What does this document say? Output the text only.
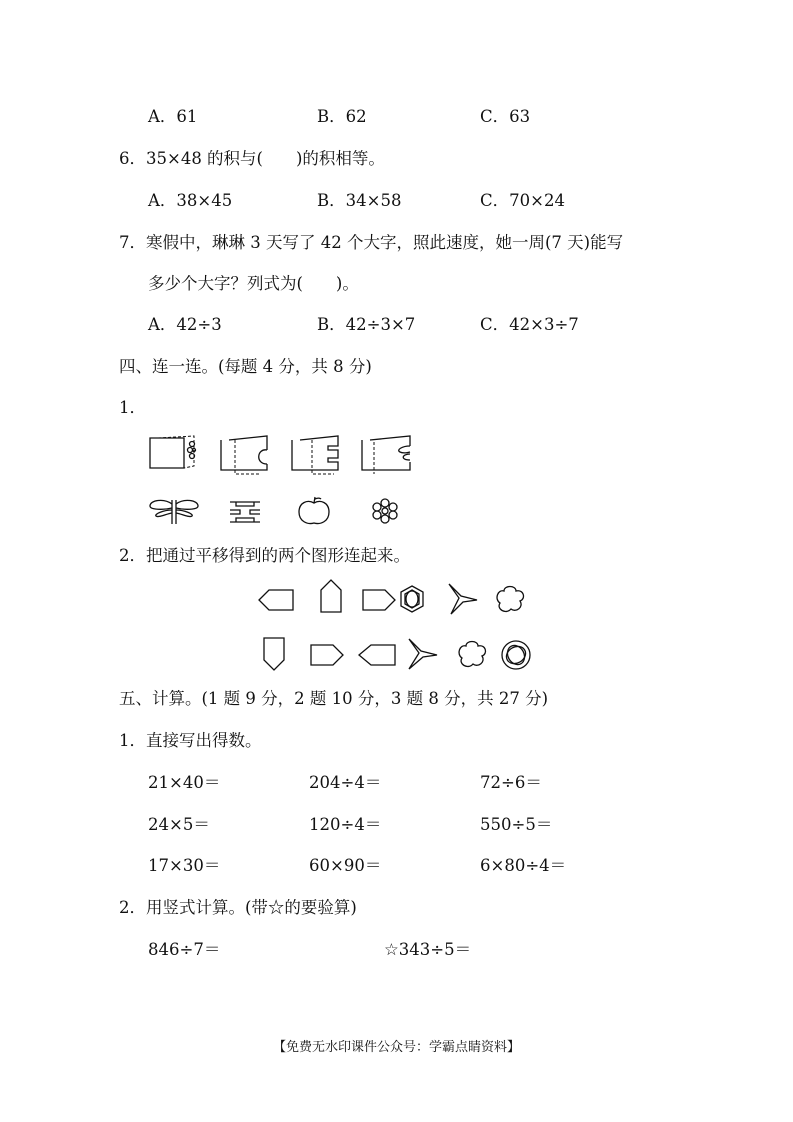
A．61	B．62	C．63
6．35×48 的积与(　　)的积相等。
A．38×45	B．34×58	C．70×24
7．寒假中，琳琳 3 天写了 42 个大字，照此速度，她一周(7 天)能写
多少个大字？列式为(　　)。
A．42÷3	B．42÷3×7	C．42×3÷7
四、连一连。(每题 4 分，共 8 分)
1．
2．把通过平移得到的两个图形连起来。
五、计算。(1 题 9 分，2 题 10 分，3 题 8 分，共 27 分)
1．直接写出得数。
21×40＝	204÷4＝	72÷6＝
24×5＝	120÷4＝	550÷5＝
17×30＝	60×90＝	6×80÷4＝
2．用竖式计算。(带☆的要验算)
846÷7＝	☆343÷5＝
【免费无水印课件公众号：学霸点睛资料】
